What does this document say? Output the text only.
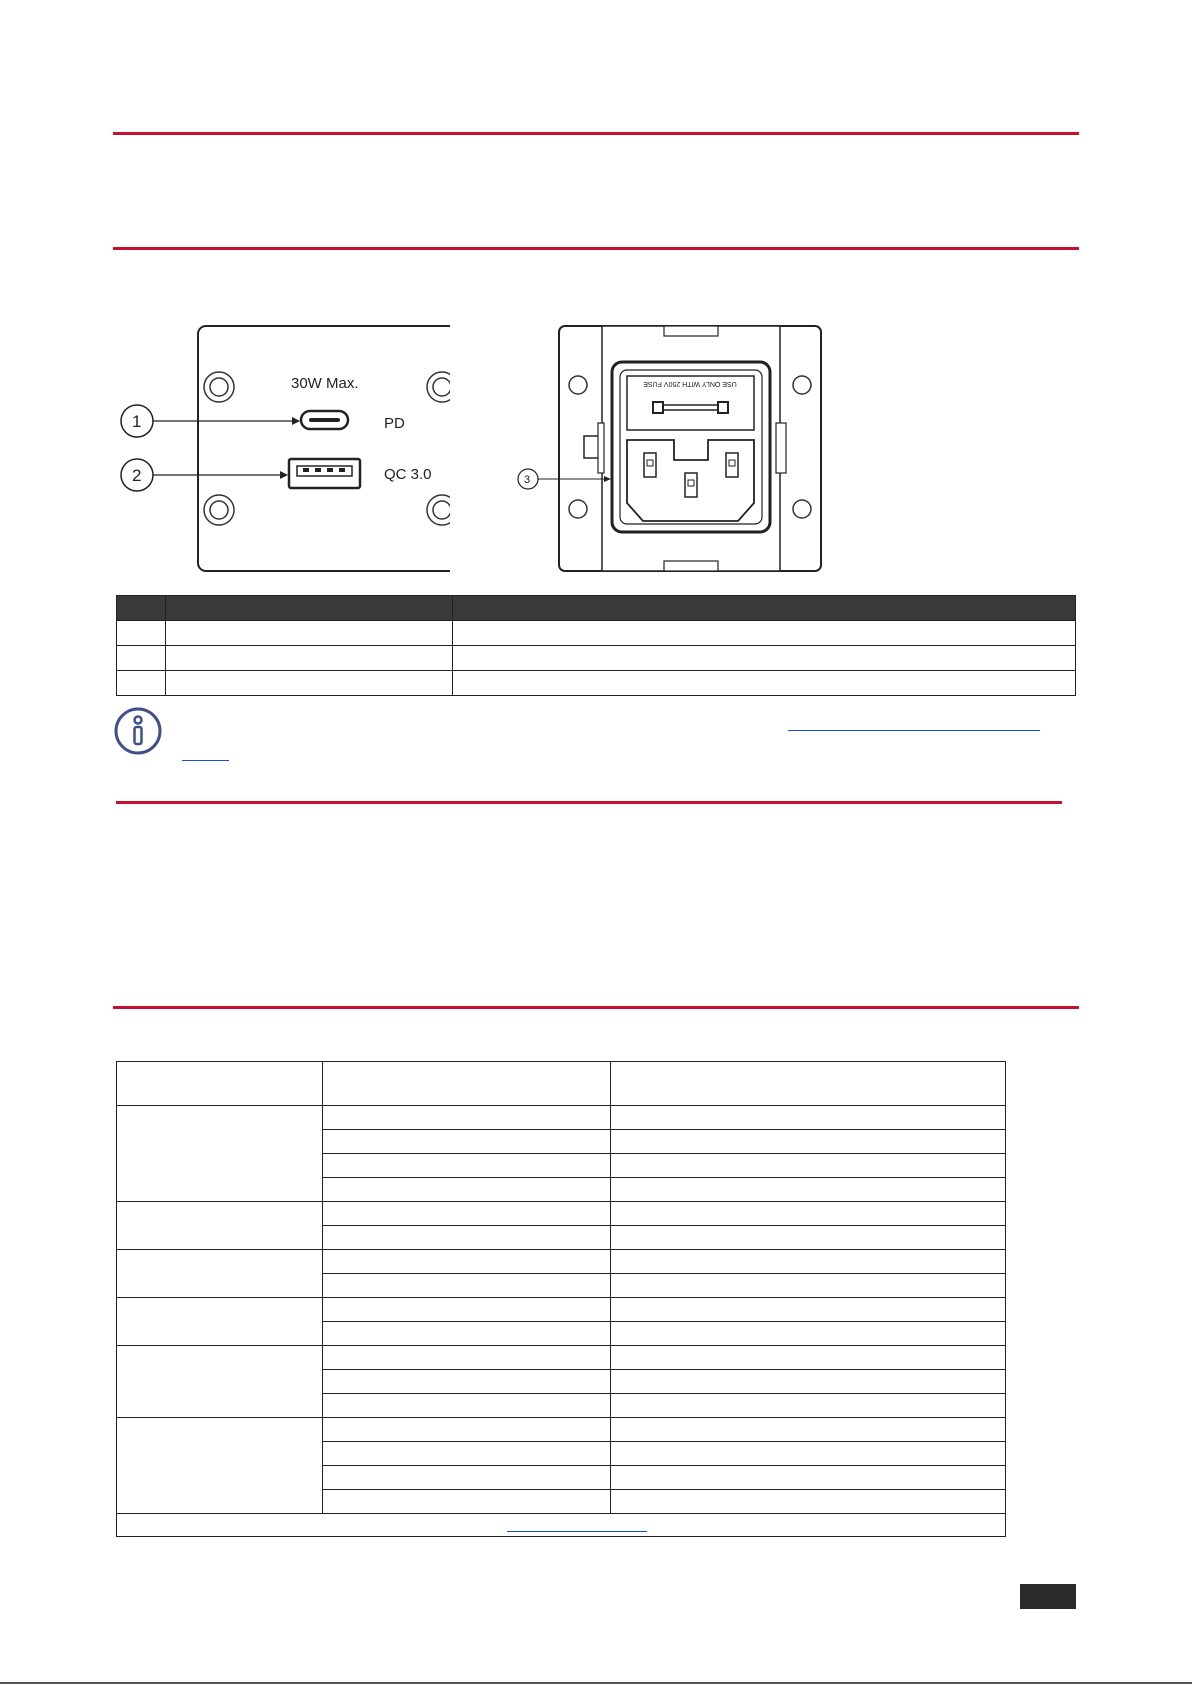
30W Max.
PD
QC 3.0
1
2
USE ONLY WITH 250V FUSE
3
